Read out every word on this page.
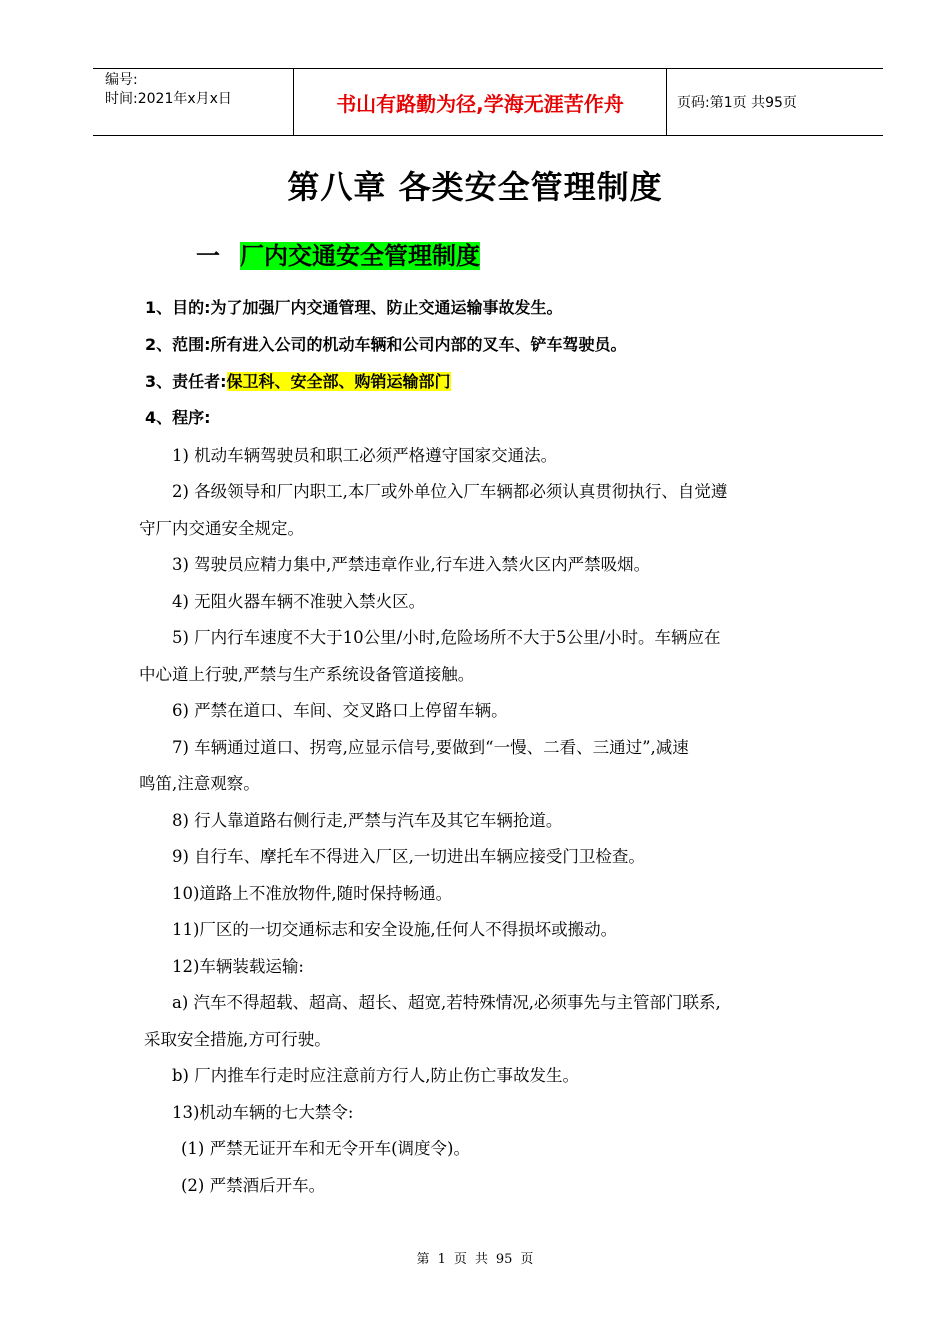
编号:
时间:2021年x月x日	书山有路勤为径,学海无涯苦作舟	页码:第1页 共95页
第八章 各类安全管理制度
一 厂内交通安全管理制度
1、目的:为了加强厂内交通管理、防止交通运输事故发生。
2、范围:所有进入公司的机动车辆和公司内部的叉车、铲车驾驶员。
3、责任者:保卫科、安全部、购销运输部门
4、程序:
1) 机动车辆驾驶员和职工必须严格遵守国家交通法。
2) 各级领导和厂内职工,本厂或外单位入厂车辆都必须认真贯彻执行、自觉遵
守厂内交通安全规定。
3) 驾驶员应精力集中,严禁违章作业,行车进入禁火区内严禁吸烟。
4) 无阻火器车辆不准驶入禁火区。
5) 厂内行车速度不大于10公里/小时,危险场所不大于5公里/小时。车辆应在
中心道上行驶,严禁与生产系统设备管道接触。
6) 严禁在道口、车间、交叉路口上停留车辆。
7) 车辆通过道口、拐弯,应显示信号,要做到“一慢、二看、三通过”,减速
鸣笛,注意观察。
8) 行人靠道路右侧行走,严禁与汽车及其它车辆抢道。
9) 自行车、摩托车不得进入厂区,一切进出车辆应接受门卫检查。
10)道路上不准放物件,随时保持畅通。
11)厂区的一切交通标志和安全设施,任何人不得损坏或搬动。
12)车辆装载运输:
a) 汽车不得超载、超高、超长、超宽,若特殊情况,必须事先与主管部门联系,
采取安全措施,方可行驶。
b) 厂内推车行走时应注意前方行人,防止伤亡事故发生。
13)机动车辆的七大禁令:
(1) 严禁无证开车和无令开车(调度令)。
(2) 严禁酒后开车。
第 1 页 共 95 页
